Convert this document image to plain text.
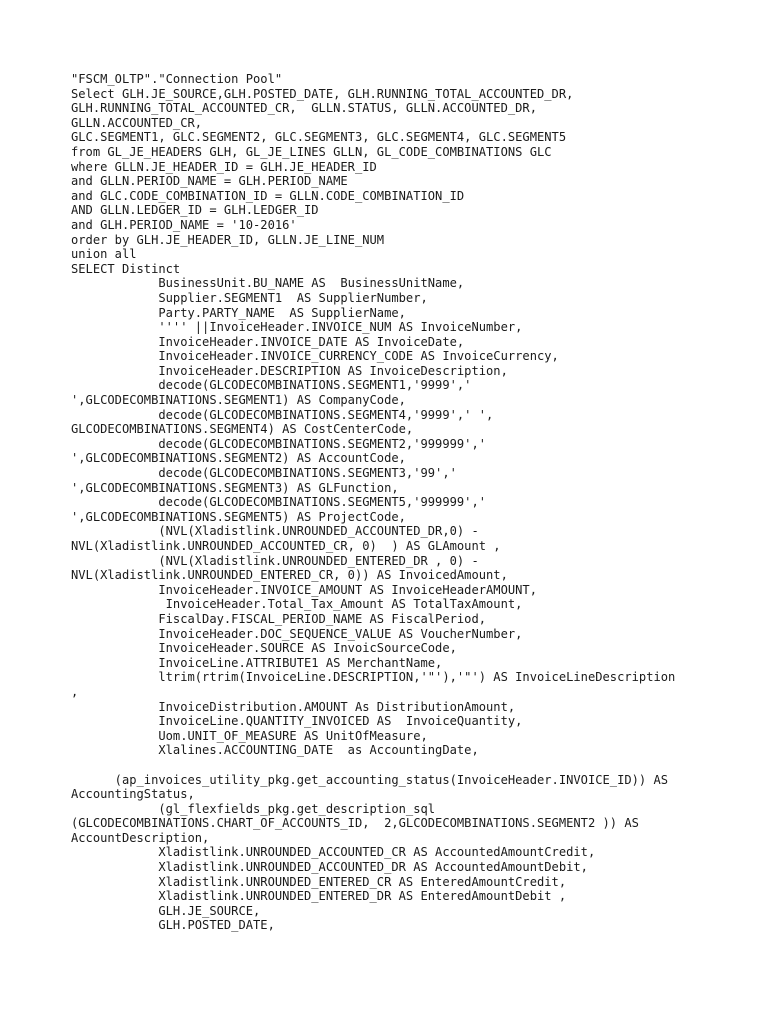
"FSCM_OLTP"."Connection Pool"
Select GLH.JE_SOURCE,GLH.POSTED_DATE, GLH.RUNNING_TOTAL_ACCOUNTED_DR,
GLH.RUNNING_TOTAL_ACCOUNTED_CR,  GLLN.STATUS, GLLN.ACCOUNTED_DR,
GLLN.ACCOUNTED_CR,
GLC.SEGMENT1, GLC.SEGMENT2, GLC.SEGMENT3, GLC.SEGMENT4, GLC.SEGMENT5
from GL_JE_HEADERS GLH, GL_JE_LINES GLLN, GL_CODE_COMBINATIONS GLC
where GLLN.JE_HEADER_ID = GLH.JE_HEADER_ID
and GLLN.PERIOD_NAME = GLH.PERIOD_NAME
and GLC.CODE_COMBINATION_ID = GLLN.CODE_COMBINATION_ID
AND GLLN.LEDGER_ID = GLH.LEDGER_ID
and GLH.PERIOD_NAME = '10-2016'
order by GLH.JE_HEADER_ID, GLLN.JE_LINE_NUM
union all
SELECT Distinct
BusinessUnit.BU_NAME AS  BusinessUnitName,
Supplier.SEGMENT1  AS SupplierNumber,
Party.PARTY_NAME  AS SupplierName,
'''' ||InvoiceHeader.INVOICE_NUM AS InvoiceNumber,
InvoiceHeader.INVOICE_DATE AS InvoiceDate,
InvoiceHeader.INVOICE_CURRENCY_CODE AS InvoiceCurrency,
InvoiceHeader.DESCRIPTION AS InvoiceDescription,
decode(GLCODECOMBINATIONS.SEGMENT1,'9999','
',GLCODECOMBINATIONS.SEGMENT1) AS CompanyCode,
decode(GLCODECOMBINATIONS.SEGMENT4,'9999',' ',
GLCODECOMBINATIONS.SEGMENT4) AS CostCenterCode,
decode(GLCODECOMBINATIONS.SEGMENT2,'999999','
',GLCODECOMBINATIONS.SEGMENT2) AS AccountCode,
decode(GLCODECOMBINATIONS.SEGMENT3,'99','
',GLCODECOMBINATIONS.SEGMENT3) AS GLFunction,
decode(GLCODECOMBINATIONS.SEGMENT5,'999999','
',GLCODECOMBINATIONS.SEGMENT5) AS ProjectCode,
(NVL(Xladistlink.UNROUNDED_ACCOUNTED_DR,0) -
NVL(Xladistlink.UNROUNDED_ACCOUNTED_CR, 0)  ) AS GLAmount ,
(NVL(Xladistlink.UNROUNDED_ENTERED_DR , 0) -
NVL(Xladistlink.UNROUNDED_ENTERED_CR, 0)) AS InvoicedAmount,
InvoiceHeader.INVOICE_AMOUNT AS InvoiceHeaderAMOUNT,
InvoiceHeader.Total_Tax_Amount AS TotalTaxAmount,
FiscalDay.FISCAL_PERIOD_NAME AS FiscalPeriod,
InvoiceHeader.DOC_SEQUENCE_VALUE AS VoucherNumber,
InvoiceHeader.SOURCE AS InvoicSourceCode,
InvoiceLine.ATTRIBUTE1 AS MerchantName,
ltrim(rtrim(InvoiceLine.DESCRIPTION,'"'),'"') AS InvoiceLineDescription
,
InvoiceDistribution.AMOUNT As DistributionAmount,
InvoiceLine.QUANTITY_INVOICED AS  InvoiceQuantity,
Uom.UNIT_OF_MEASURE AS UnitOfMeasure,
Xlalines.ACCOUNTING_DATE  as AccountingDate,
(ap_invoices_utility_pkg.get_accounting_status(InvoiceHeader.INVOICE_ID)) AS
AccountingStatus,
(gl_flexfields_pkg.get_description_sql
(GLCODECOMBINATIONS.CHART_OF_ACCOUNTS_ID,  2,GLCODECOMBINATIONS.SEGMENT2 )) AS
AccountDescription,
Xladistlink.UNROUNDED_ACCOUNTED_CR AS AccountedAmountCredit,
Xladistlink.UNROUNDED_ACCOUNTED_DR AS AccountedAmountDebit,
Xladistlink.UNROUNDED_ENTERED_CR AS EnteredAmountCredit,
Xladistlink.UNROUNDED_ENTERED_DR AS EnteredAmountDebit ,
GLH.JE_SOURCE,
GLH.POSTED_DATE,
